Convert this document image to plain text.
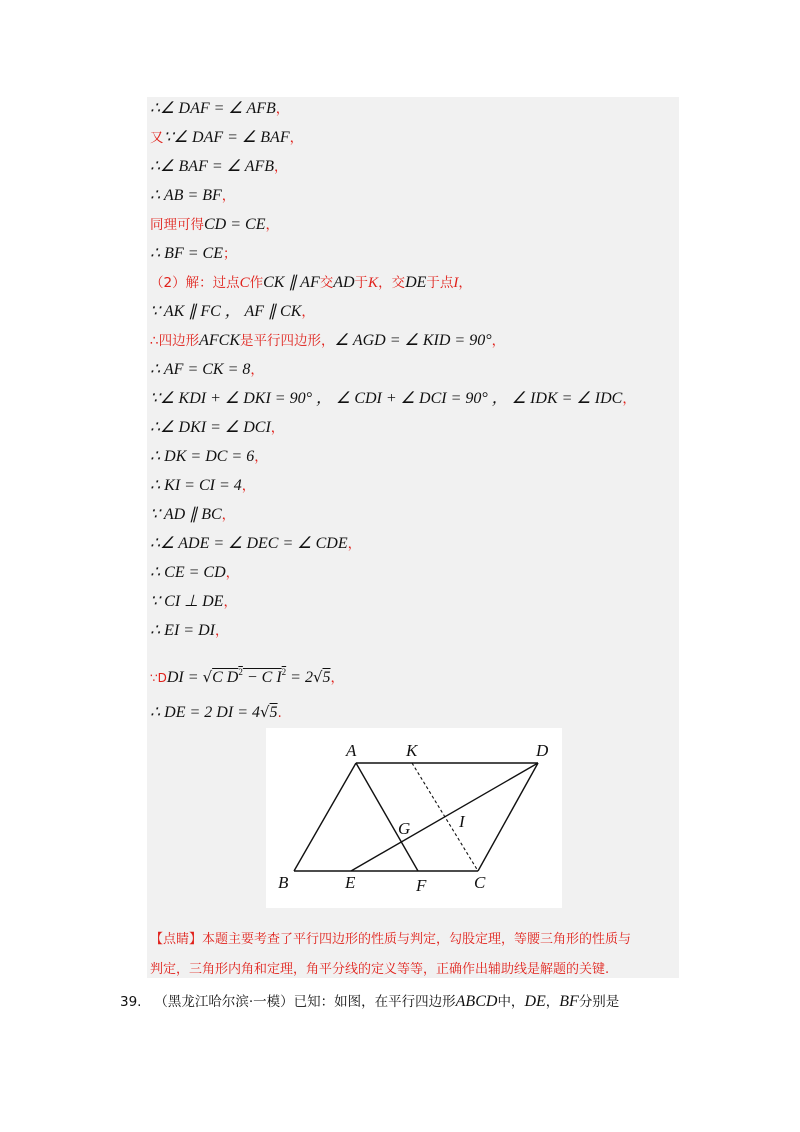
∴∠ DAF = ∠ AFB，
又∵∠ DAF = ∠ BAF，
∴∠ BAF = ∠ AFB，
∴ AB = BF，
同理可得CD = CE，
∴ BF = CE；
（2）解：过点C作CK ∥ AF交AD于K，交DE于点I，
∵ AK ∥ FC ， AF ∥ CK，
∴四边形AFCK是平行四边形，∠ AGD = ∠ KID = 90°，
∴ AF = CK = 8，
∵∠ KDI + ∠ DKI = 90° ， ∠ CDI + ∠ DCI = 90° ， ∠ IDK = ∠ IDC，
∴∠ DKI = ∠ DCI，
∴ DK = DC = 6，
∴ KI = CI = 4，
∵ AD ∥ BC，
∴∠ ADE = ∠ DEC = ∠ CDE，
∴ CE = CD，
∵ CI ⊥ DE，
∴ EI = DI，
∵DDI = √C $D^2 - C$ $I^2 = 2√5$，
∴ DE = 2 DI = 4√5.
A	K	D
G	I
B	E	F	C
【点睛】本题主要考查了平行四边形的性质与判定，勾股定理，等腰三角形的性质与
判定，三角形内角和定理，角平分线的定义等等，正确作出辅助线是解题的关键.
39. （黑龙江哈尔滨·一模）已知：如图，在平行四边形ABCD中，DE，BF分别是
